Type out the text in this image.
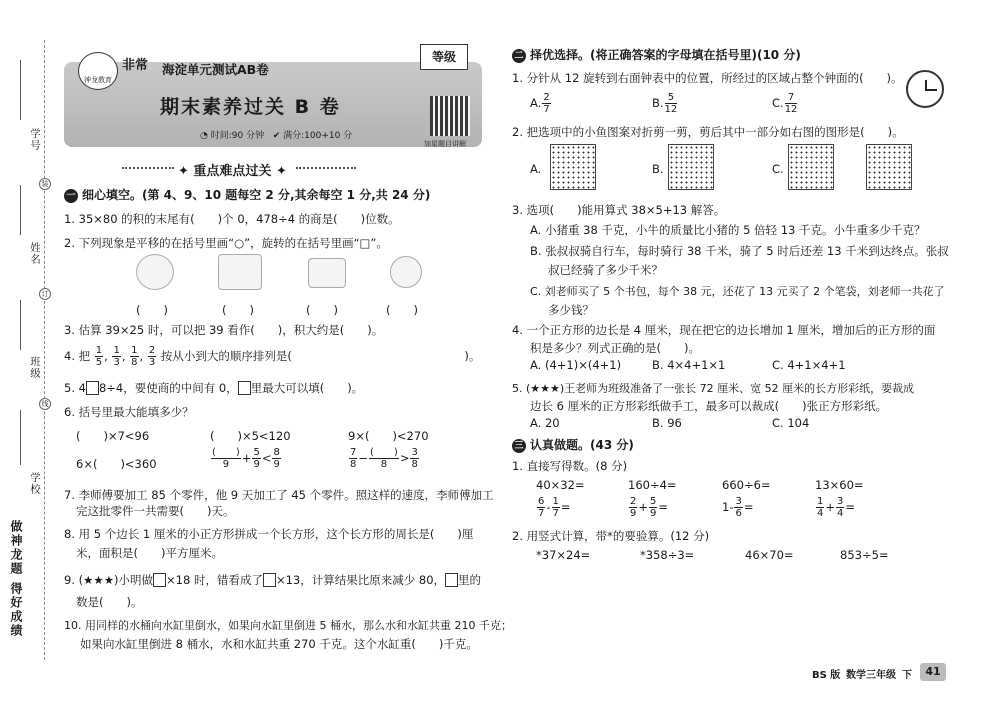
学号
装
姓名
订
班级
线
学校
做神龙题 得好成绩
神龙教育
非常 海淀单元测试AB卷
等级
期末素养过关 B 卷
◔ 时间:90 分钟 ✔ 满分:100+10 分
加星题目讲解
✦ 重点难点过关 ✦
一 细心填空。(第 4、9、10 题每空 2 分,其余每空 1 分,共 24 分)
1. 35×80 的积的末尾有(　　)个 0，478÷4 的商是(　　)位数。
2. 下列现象是平移的在括号里画“○”，旋转的在括号里画“□”。
(　　)	(　　)	(　　)	(　　)
3. 估算 39×25 时，可以把 39 看作(　　)，积大约是(　　)。
4. 把 $\frac{1}{5}$ , $\frac{1}{3}$ , $\frac{1}{8}$ , $\frac{2}{3}$ 按从小到大的顺序排列是(　　　　　　　　　　　　　　　)。
5. 4 8÷4，要使商的中间有 0， 里最大可以填(　　)。
6. 括号里最大能填多少？
(　　)×7<96	(　　)×5<120	9×(　　)<270
6×(　　)<360	$\frac{( )}{9} + \frac{5}{9} < \frac{8}{9}$	$\frac{7}{8} - \frac{( )}{8} > \frac{3}{8}$
7. 李师傅要加工 85 个零件，他 9 天加工了 45 个零件。照这样的速度，李师傅加工
完这批零件一共需要(　　)天。
8. 用 5 个边长 1 厘米的小正方形拼成一个长方形，这个长方形的周长是(　　)厘
米，面积是(　　)平方厘米。
9. (★★★)小明做 ×18 时，错看成了 ×13，计算结果比原来减少 80， 里的
数是(　　)。
10. 用同样的水桶向水缸里倒水，如果向水缸里倒进 5 桶水，那么水和水缸共重 210 千克；
如果向水缸里倒进 8 桶水，水和水缸共重 270 千克。这个水缸重(　　)千克。
二 择优选择。(将正确答案的字母填在括号里)(10 分)
1. 分针从 12 旋转到右面钟表中的位置，所经过的区域占整个钟面的(　　)。
A. $\frac{2}{7}$	B. $\frac{5}{12}$	C. $\frac{7}{12}$
2. 把选项中的小鱼图案对折剪一剪，剪后其中一部分如右图的图形是(　　)。
A.	B.	C.
3. 选项(　　)能用算式 38×5+13 解答。
A. 小猪重 38 千克，小牛的质量比小猪的 5 倍轻 13 千克。小牛重多少千克？
B. 张叔叔骑自行车，每时骑行 38 千米，骑了 5 时后还差 13 千米到达终点。张叔
叔已经骑了多少千米？
C. 刘老师买了 5 个书包，每个 38 元，还花了 13 元买了 2 个笔袋，刘老师一共花了
多少钱？
4. 一个正方形的边长是 4 厘米，现在把它的边长增加 1 厘米，增加后的正方形的面
积是多少？列式正确的是(　　)。
A. (4+1)×(4+1)	B. 4×4+1×1	C. 4+1×4+1
5. (★★★)王老师为班级准备了一张长 72 厘米、宽 52 厘米的长方形彩纸，要裁成
边长 6 厘米的正方形彩纸做手工，最多可以裁成(　　)张正方形彩纸。
A. 20	B. 96	C. 104
三 认真做题。(43 分)
1. 直接写得数。(8 分)
40×32=	160÷4=	660÷6=	13×60=
$\frac{6}{7} - \frac{1}{7}$ =	$\frac{2}{9} + \frac{5}{9}$ =	$1- \frac{3}{6}$ =	$\frac{1}{4} + \frac{3}{4}$ =
2. 用竖式计算，带*的要验算。(12 分)
*37×24=	*358÷3=	46×70=	853÷5=
BS 版 数学三年级 下	41
